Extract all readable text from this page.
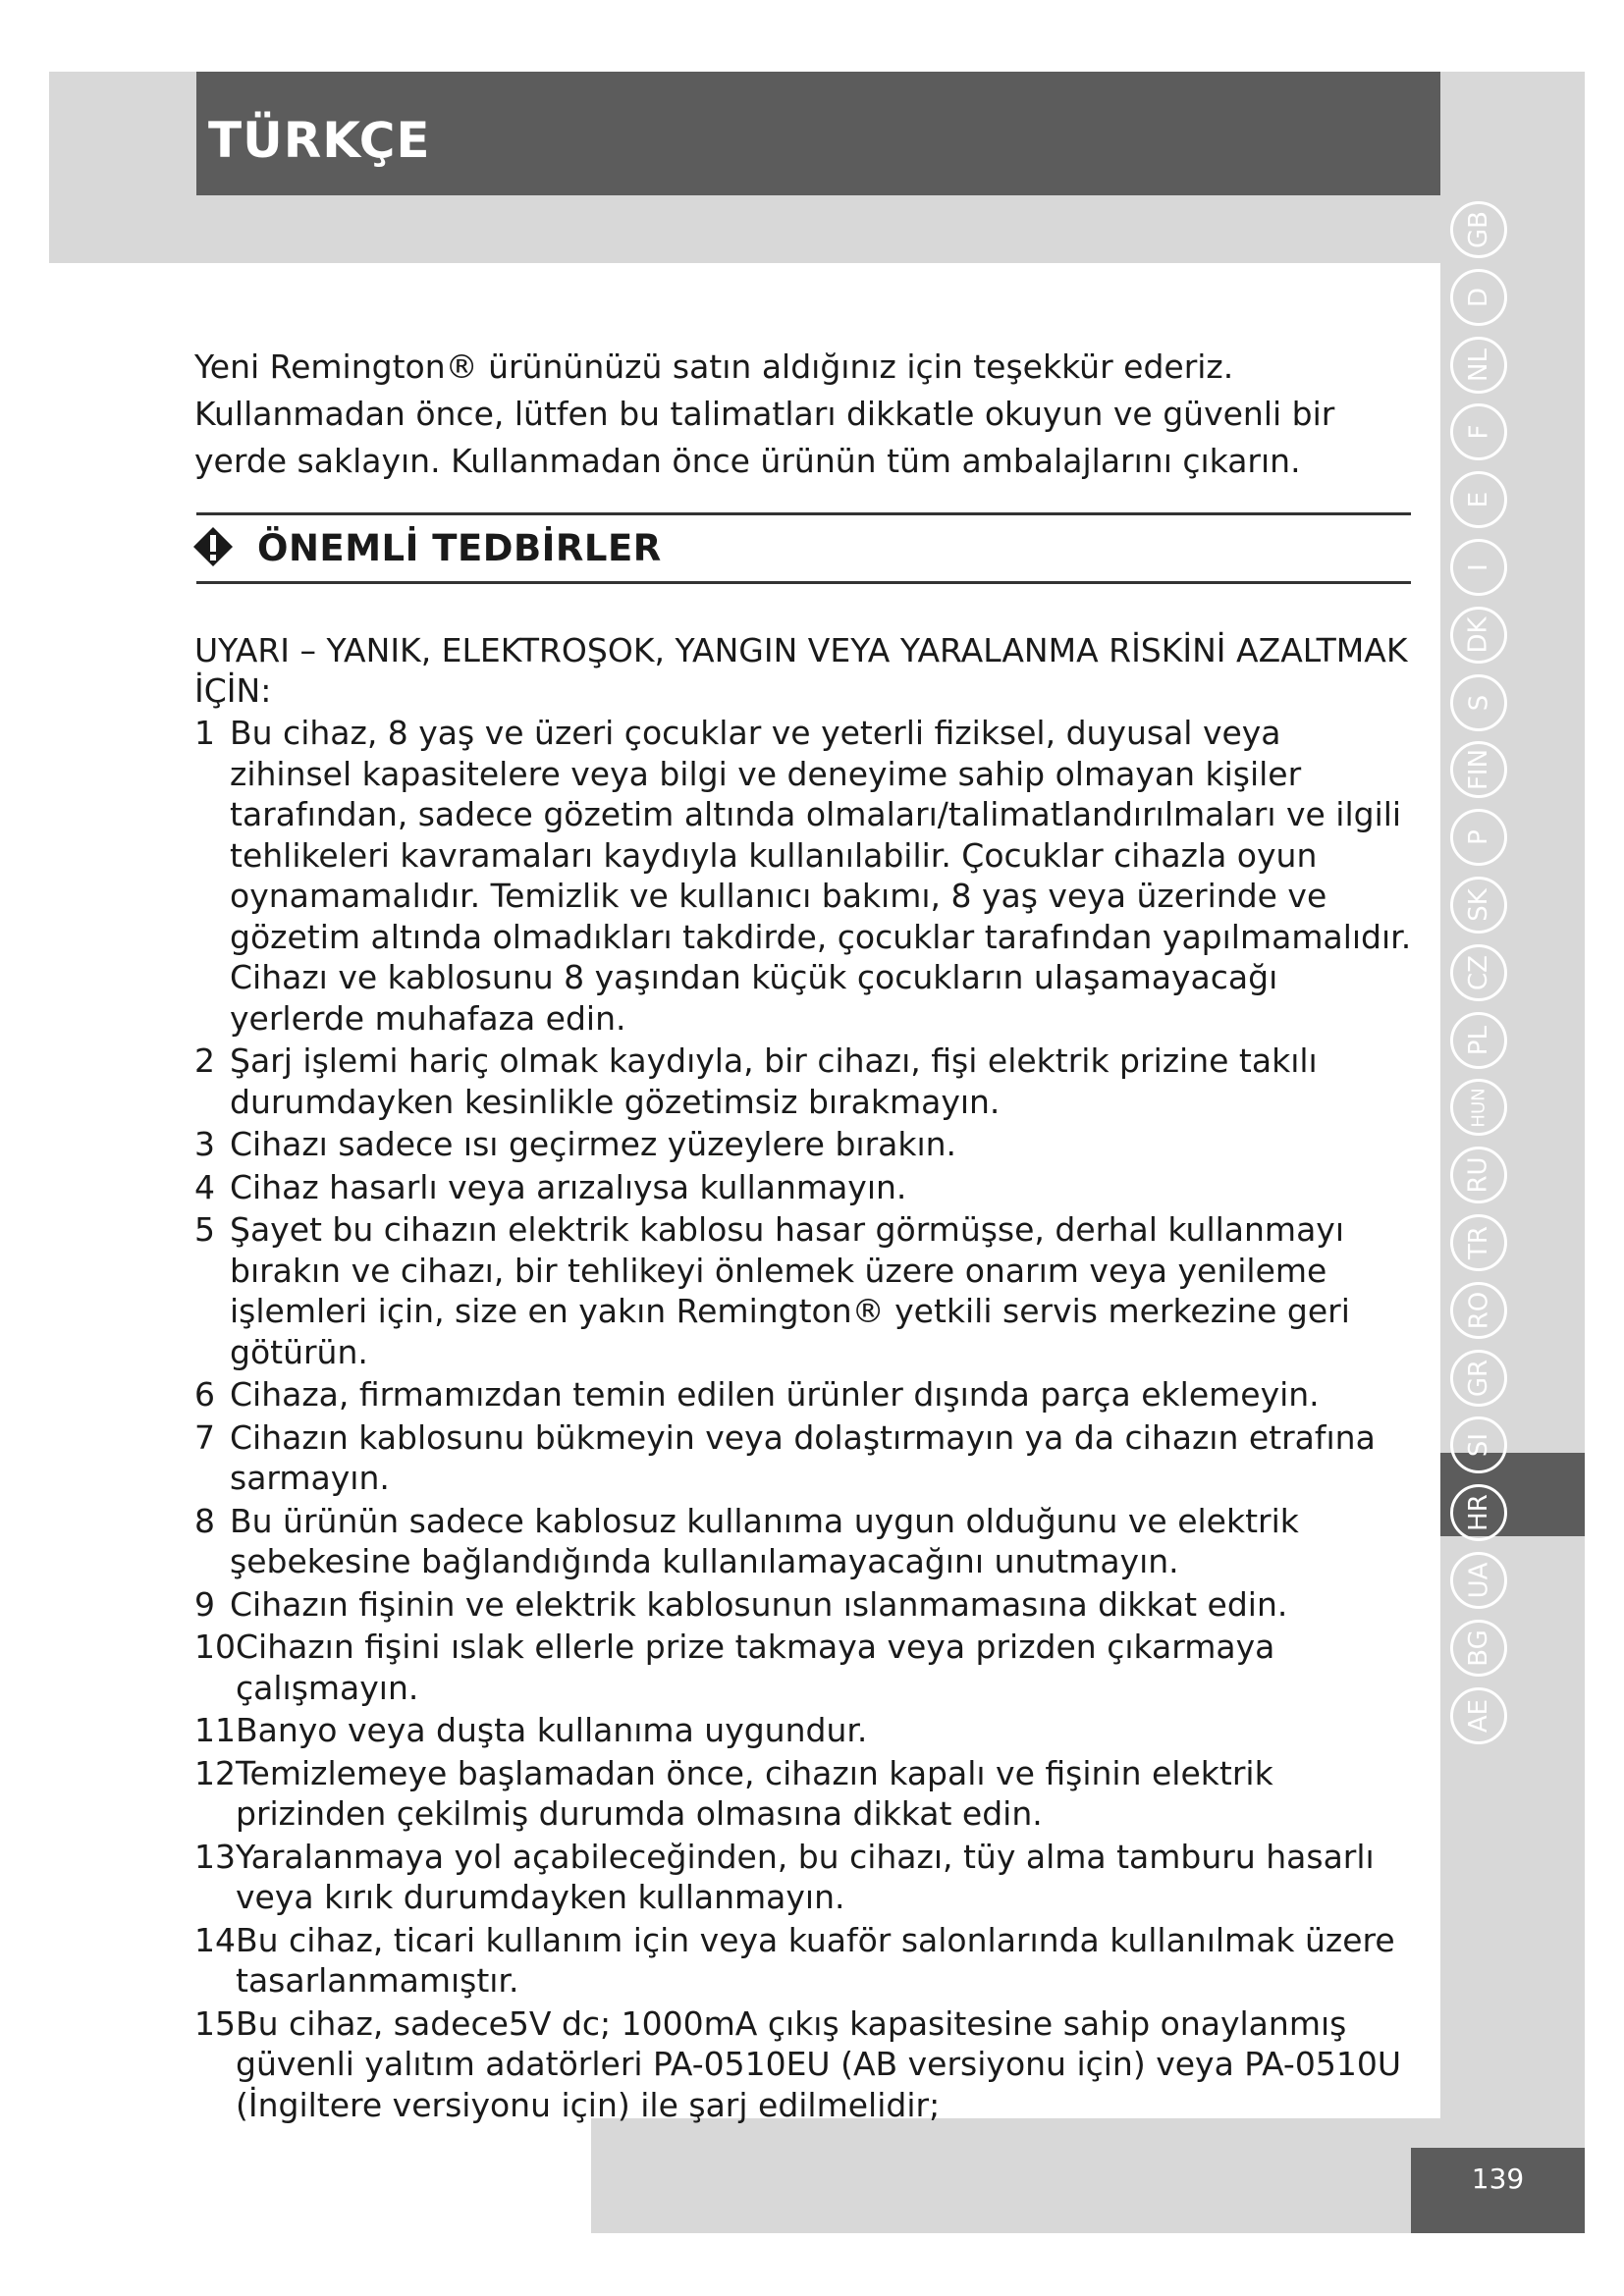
TÜRKÇE
GB
D
NL
F
E
I
DK
S
FIN
P
SK
CZ
PL
HUN
RU
TR
RO
GR
SI
HR
UA
BG
AE

Yeni Remington® ürününüzü satın aldığınız için teşekkür ederiz. Kullanmadan önce, lütfen bu talimatları dikkatle okuyun ve güvenli bir yerde saklayın. Kullanmadan önce ürünün tüm ambalajlarını çıkarın.

ÖNEMLİ TEDBİRLER

UYARI – YANIK, ELEKTROŞOK, YANGIN VEYA YARALANMA RİSKİNİ AZALTMAK İÇİN:

1 Bu cihaz, 8 yaş ve üzeri çocuklar ve yeterli fiziksel, duyusal veya zihinsel kapasitelere veya bilgi ve deneyime sahip olmayan kişiler tarafından, sadece gözetim altında olmaları/talimatlandırılmaları ve ilgili tehlikeleri kavramaları kaydıyla kullanılabilir. Çocuklar cihazla oyun oynamamalıdır. Temizlik ve kullanıcı bakımı, 8 yaş veya üzerinde ve gözetim altında olmadıkları takdirde, çocuklar tarafından yapılmamalıdır. Cihazı ve kablosunu 8 yaşından küçük çocukların ulaşamayacağı yerlerde muhafaza edin.
2 Şarj işlemi hariç olmak kaydıyla, bir cihazı, fişi elektrik prizine takılı durumdayken kesinlikle gözetimsiz bırakmayın.
3 Cihazı sadece ısı geçirmez yüzeylere bırakın.
4 Cihaz hasarlı veya arızalıysa kullanmayın.
5 Şayet bu cihazın elektrik kablosu hasar görmüşse, derhal kullanmayı bırakın ve cihazı, bir tehlikeyi önlemek üzere onarım veya yenileme işlemleri için, size en yakın Remington® yetkili servis merkezine geri götürün.
6 Cihaza, firmamızdan temin edilen ürünler dışında parça eklemeyin.
7 Cihazın kablosunu bükmeyin veya dolaştırmayın ya da cihazın etrafına sarmayın.
8 Bu ürünün sadece kablosuz kullanıma uygun olduğunu ve elektrik şebekesine bağlandığında kullanılamayacağını unutmayın.
9 Cihazın fişinin ve elektrik kablosunun ıslanmamasına dikkat edin.
10 Cihazın fişini ıslak ellerle prize takmaya veya prizden çıkarmaya çalışmayın.
11 Banyo veya duşta kullanıma uygundur.
12 Temizlemeye başlamadan önce, cihazın kapalı ve fişinin elektrik prizinden çekilmiş durumda olmasına dikkat edin.
13 Yaralanmaya yol açabileceğinden, bu cihazı, tüy alma tamburu hasarlı veya kırık durumdayken kullanmayın.
14 Bu cihaz, ticari kullanım için veya kuaför salonlarında kullanılmak üzere tasarlanmamıştır.
15 Bu cihaz, sadece5V dc; 1000mA çıkış kapasitesine sahip onaylanmış güvenli yalıtım adatörleri PA-0510EU (AB versiyonu için) veya PA-0510U (İngiltere versiyonu için) ile şarj edilmelidir;
139
